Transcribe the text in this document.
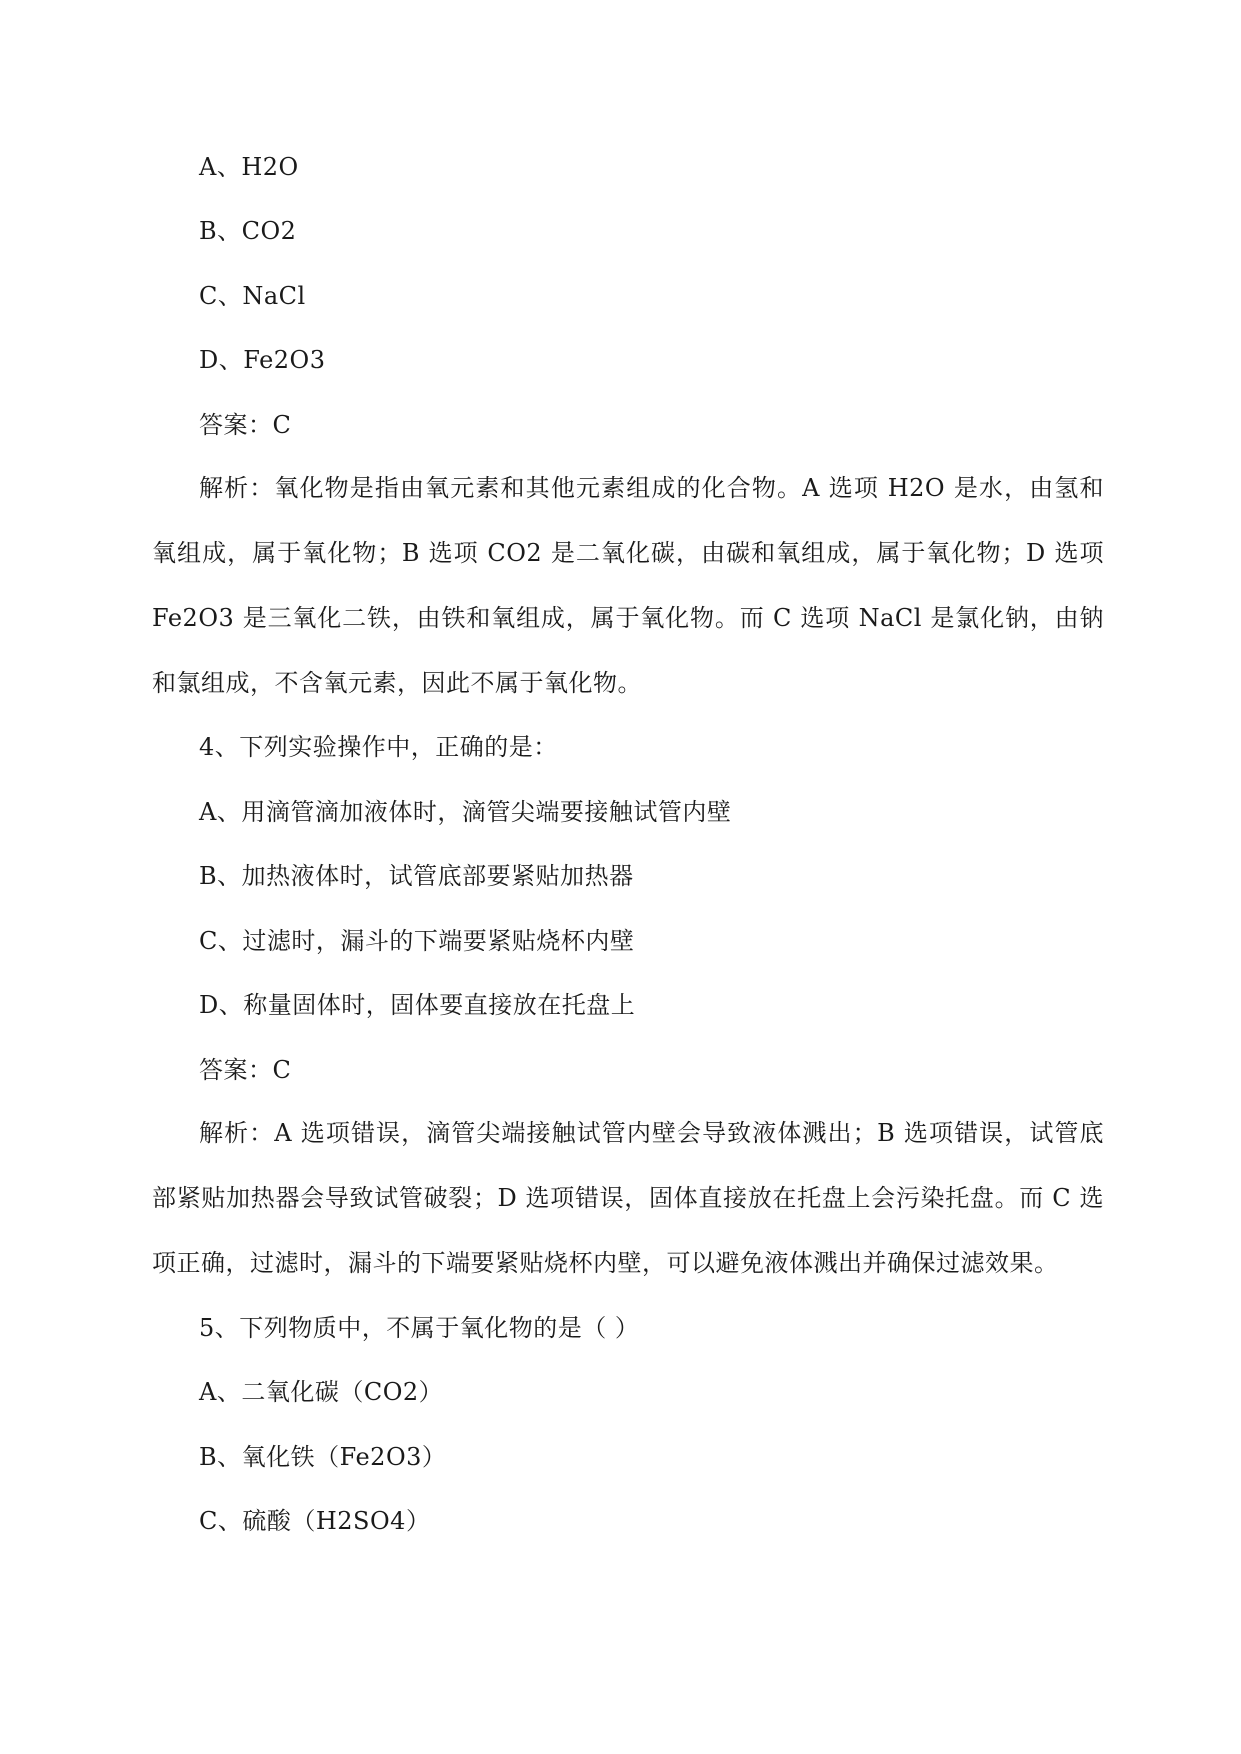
A、H2O
B、CO2
C、NaCl
D、Fe2O3
答案：C
解析：氧化物是指由氧元素和其他元素组成的化合物。A 选项 H2O 是水，由氢和氧组成，属于氧化物；B 选项 CO2 是二氧化碳，由碳和氧组成，属于氧化物；D 选项 Fe2O3 是三氧化二铁，由铁和氧组成，属于氧化物。而 C 选项 NaCl 是氯化钠，由钠和氯组成，不含氧元素，因此不属于氧化物。
4、下列实验操作中，正确的是：
A、用滴管滴加液体时，滴管尖端要接触试管内壁
B、加热液体时，试管底部要紧贴加热器
C、过滤时，漏斗的下端要紧贴烧杯内壁
D、称量固体时，固体要直接放在托盘上
答案：C
解析：A 选项错误，滴管尖端接触试管内壁会导致液体溅出；B 选项错误，试管底部紧贴加热器会导致试管破裂；D 选项错误，固体直接放在托盘上会污染托盘。而 C 选项正确，过滤时，漏斗的下端要紧贴烧杯内壁，可以避免液体溅出并确保过滤效果。
5、下列物质中，不属于氧化物的是（ ）
A、二氧化碳（CO2）
B、氧化铁（Fe2O3）
C、硫酸（H2SO4）
